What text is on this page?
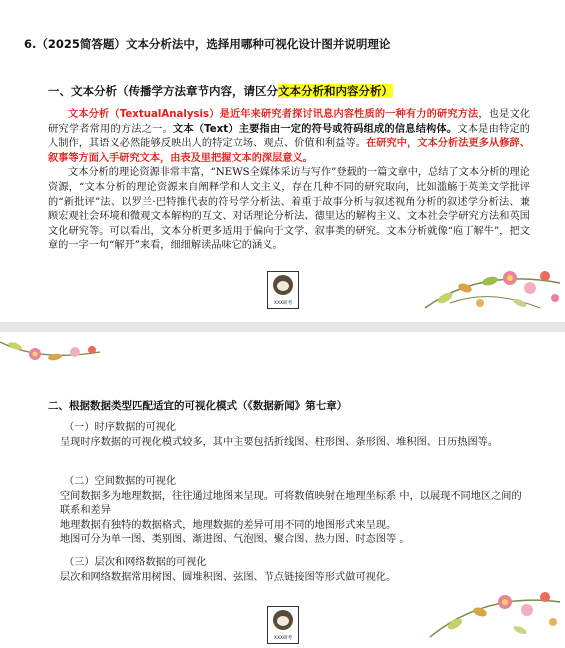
6.（2025简答题）文本分析法中，选择用哪种可视化设计图并说明理论
一、文本分析（传播学方法章节内容，请区分文本分析和内容分析）
文本分析（TextualAnalysis）是近年来研究者探讨讯息内容性质的一种有力的研究方法，也是文化研究学者常用的方法之一。文本（Text）主要指由一定的符号或符码组成的信息结构体。文本是由特定的人制作，其语义必然能够反映出人的特定立场、观点、价值和利益等。在研究中，文本分析法更多从修辞、叙事等方面入手研究文本，由表及里把握文本的深层意义。
文本分析的理论资源非常丰富，“NEWS全媒体采访与写作”登载的一篇文章中，总结了文本分析的理论资源，“文本分析的理论资源来自阐释学和人文主义，存在几种不同的研究取向，比如滥觞于英美文学批评的“新批评”法、以罗兰·巴特推代表的符号学分析法、着重于故事分析与叙述视角分析的叙述学分析法、兼顾宏观社会环境和微观文本解构的互文、对话理论分析法、德里达的解构主义、文本社会学研究方法和英国文化研究等。可以看出，文本分析更多适用于偏向于文学、叙事类的研究。文本分析就像“庖丁解牛”，把文章的一字一句“解开”来看，细细解读品味它的涵义。
XXX研考
二、根据数据类型匹配适宜的可视化模式（《数据新闻》第七章）

（一）时序数据的可视化

呈现时序数据的可视化模式较多，其中主要包括折线图、柱形图、条形图、堆积图、日历热图等。

（二）空间数据的可视化

空间数据多为地理数据，往往通过地图来呈现。可将数值映射在地理坐标系 中，以展现不同地区之间的联系和差异

地理数据有独特的数据格式，地理数据的差异可用不同的地图形式来呈现。

地图可分为单一图、类别图、渐进图、气泡图、聚合图、热力图、时态图等 。

（三）层次和网络数据的可视化

层次和网络数据常用树图、圆堆积图、弦图、节点链接图等形式做可视化。

XXX研考
